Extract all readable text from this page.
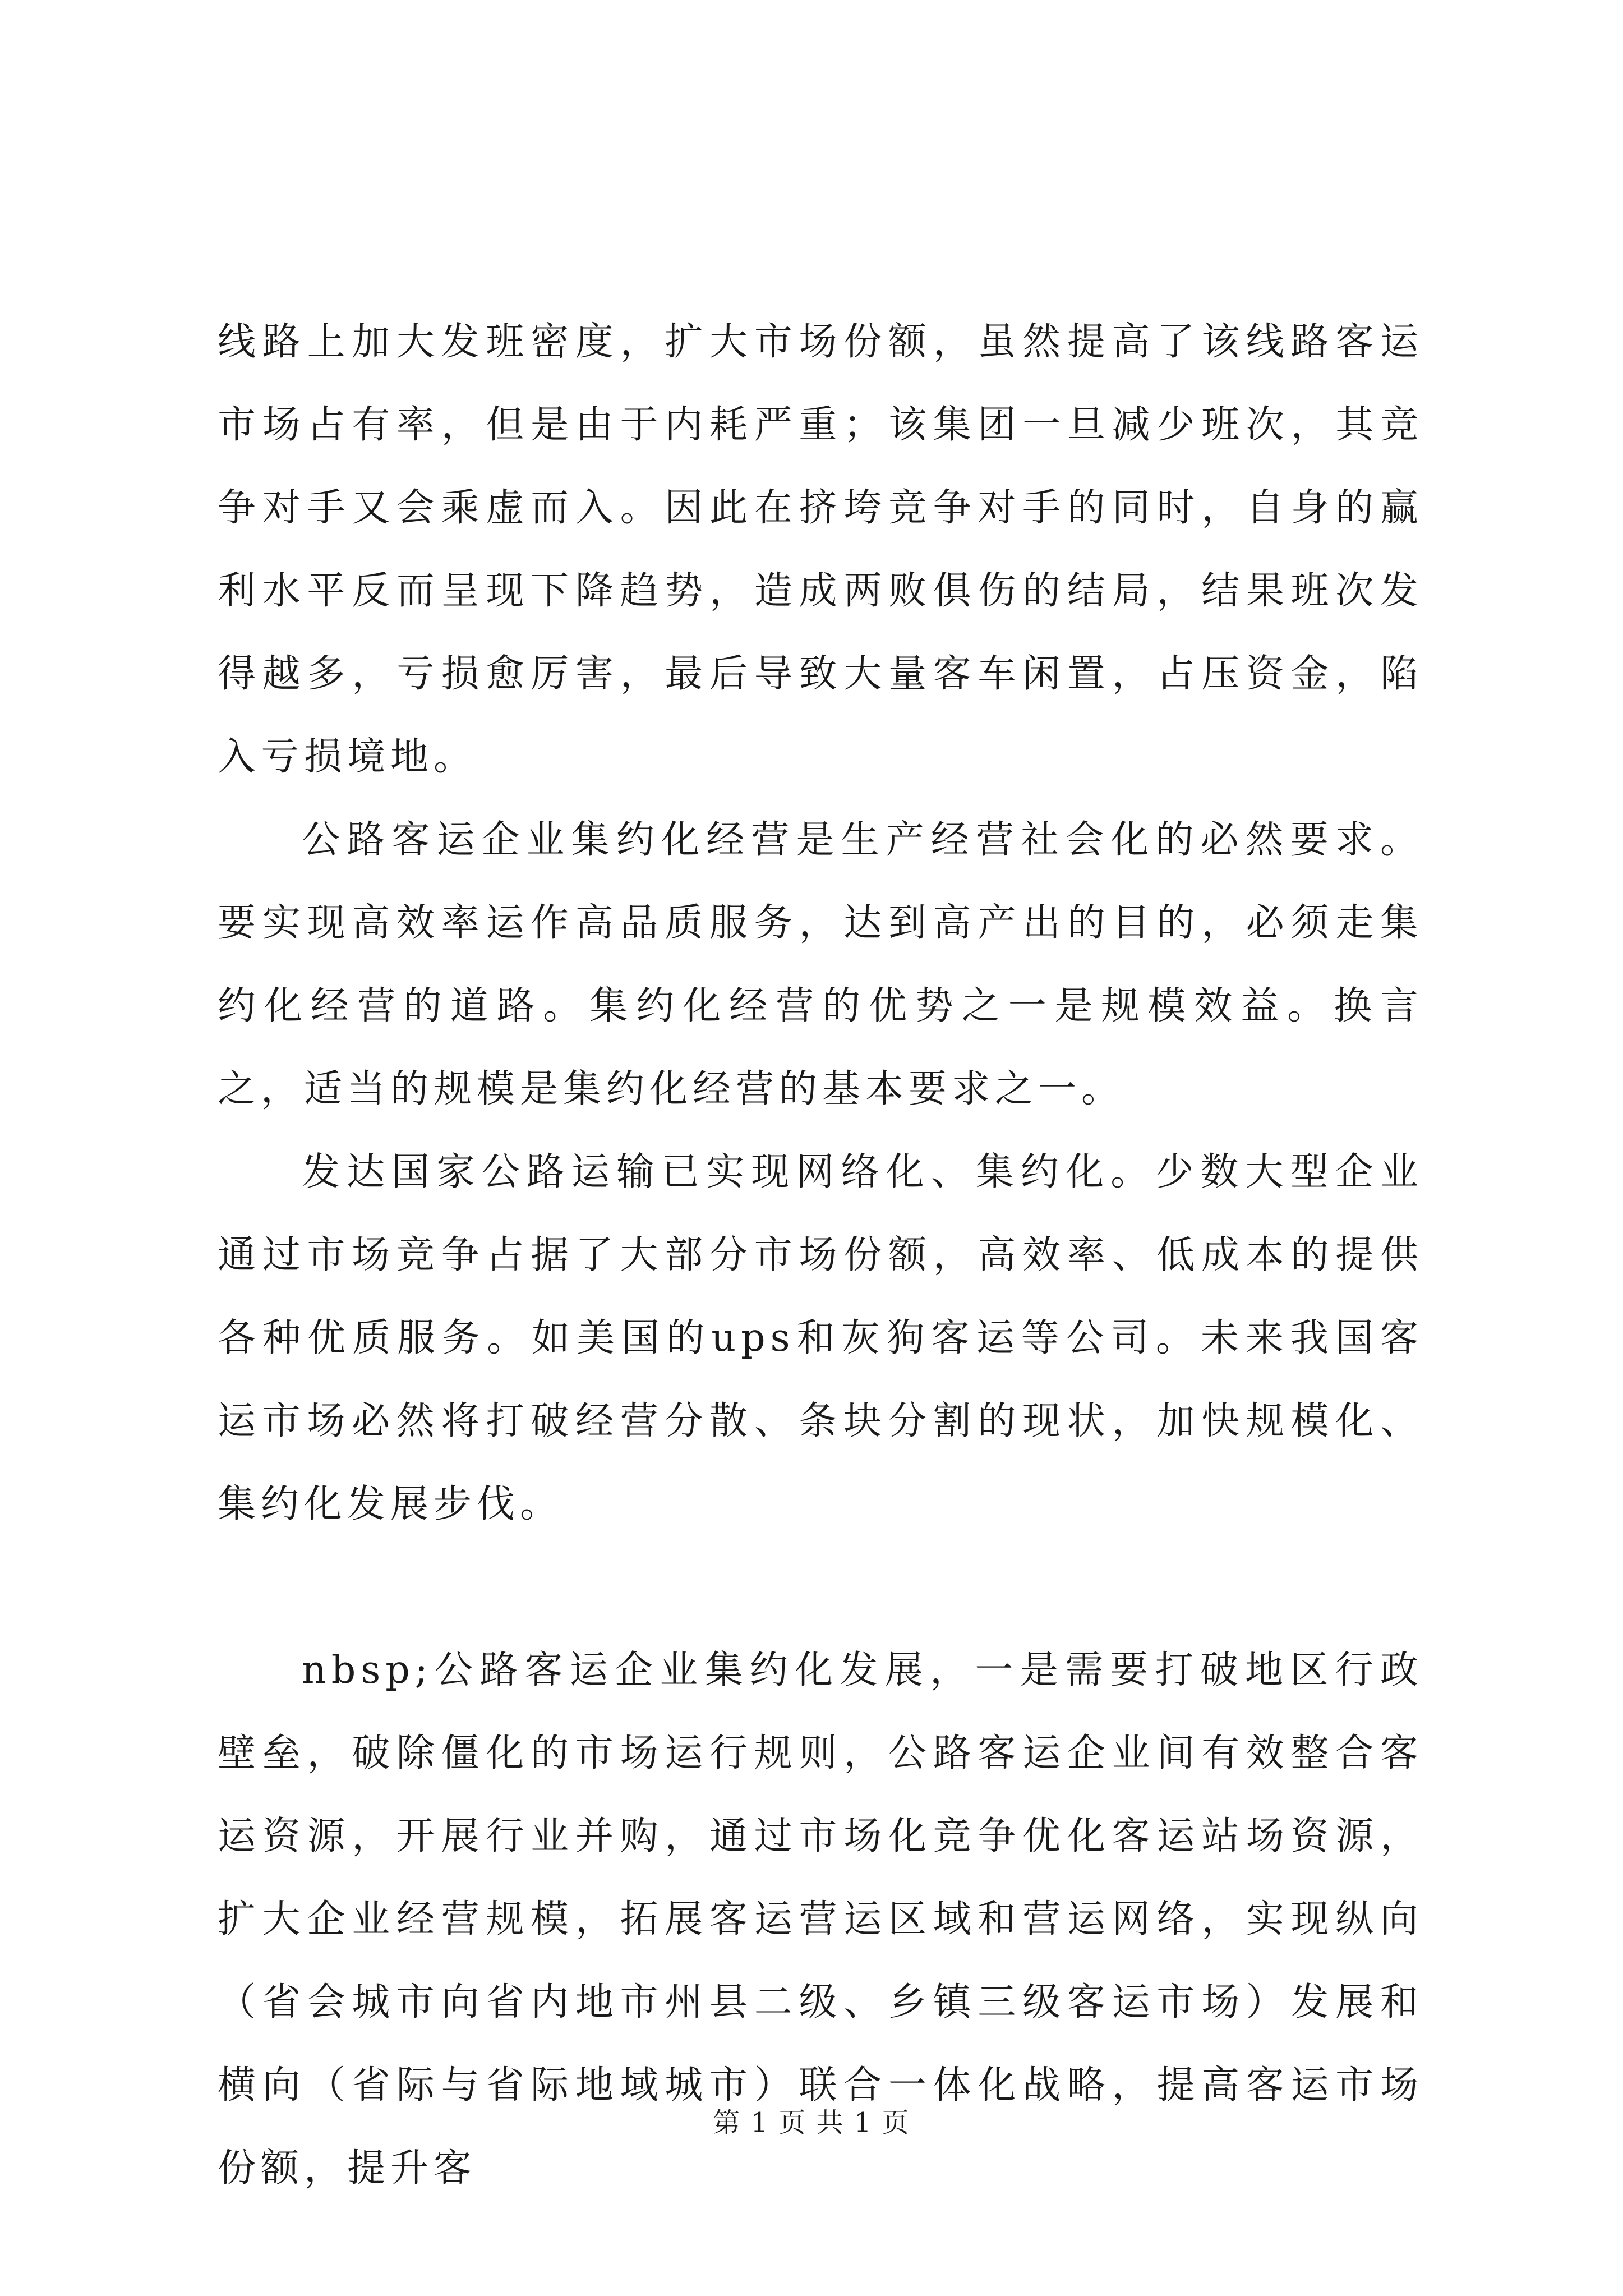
线路上加大发班密度，扩大市场份额，虽然提高了该线路客运市场占有率，但是由于内耗严重；该集团一旦减少班次，其竞争对手又会乘虚而入。因此在挤垮竞争对手的同时，自身的赢利水平反而呈现下降趋势，造成两败俱伤的结局，结果班次发得越多，亏损愈厉害，最后导致大量客车闲置，占压资金，陷入亏损境地。

公路客运企业集约化经营是生产经营社会化的必然要求。要实现高效率运作高品质服务，达到高产出的目的，必须走集约化经营的道路。集约化经营的优势之一是规模效益。换言之，适当的规模是集约化经营的基本要求之一。

发达国家公路运输已实现网络化、集约化。少数大型企业通过市场竞争占据了大部分市场份额，高效率、低成本的提供各种优质服务。如美国的ups和灰狗客运等公司。未来我国客运市场必然将打破经营分散、条块分割的现状，加快规模化、集约化发展步伐。

nbsp;公路客运企业集约化发展，一是需要打破地区行政壁垒，破除僵化的市场运行规则，公路客运企业间有效整合客运资源，开展行业并购，通过市场化竞争优化客运站场资源，扩大企业经营规模，拓展客运营运区域和营运网络，实现纵向（省会城市向省内地市州县二级、乡镇三级客运市场）发展和横向（省际与省际地域城市）联合一体化战略，提高客运市场份额，提升客

第 1 页 共 1 页
